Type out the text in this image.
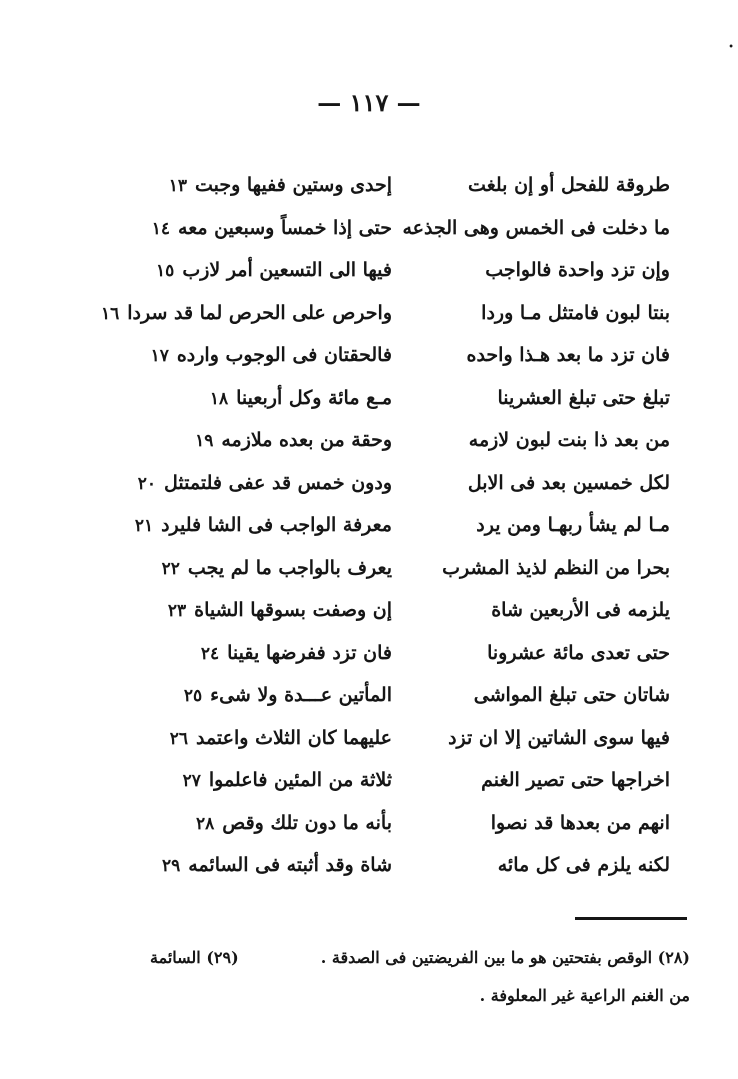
•
— ١١٧ —
طروقة للفحل أو إن بلغت
إحدى وستين ففيها وجبت١٣
ما دخلت فى الخمس وهى الجذعه
حتى إذا خمساً وسبعين معه١٤
وإن تزد واحدة فالواجب
فيها الى التسعين أمر لازب١٥
بنتا لبون فامتثل مـا وردا
واحرص على الحرص لما قد سردا١٦
فان تزد ما بعد هـذا واحده
فالحقتان فى الوجوب وارده١٧
تبلغ حتى تبلغ العشرينا
مـع مائة وكل أربعينا١٨
من بعد ذا بنت لبون لازمه
وحقة من بعده ملازمه١٩
لكل خمسين بعد فى الابل
ودون خمس قد عفى فلتمتثل٢٠
مـا لم يشأ ربهـا ومن يرد
معرفة الواجب فى الشا فليرد٢١
بحرا من النظم لذيذ المشرب
يعرف بالواجب ما لم يجب٢٢
يلزمه فى الأربعين شاة
إن وصفت بسوقها الشياة٢٣
حتى تعدى مائة عشرونا
فان تزد ففرضها يقينا٢٤
شاتان حتى تبلغ المواشى
المأتين عـــدة ولا شىء٢٥
فيها سوى الشاتين إلا ان تزد
عليهما كان الثلاث واعتمد٢٦
اخراجها حتى تصير الغنم
ثلاثة من المئين فاعلموا٢٧
انهم من بعدها قد نصوا
بأنه ما دون تلك وقص٢٨
لكنه يلزم فى كل مائه
شاة وقد أثبته فى السائمه٢٩
(٢٨) الوقص بفتحتين هو ما بين الفريضتين فى الصدقة .
(٢٩) السائمة
من الغنم الراعية غير المعلوفة .
